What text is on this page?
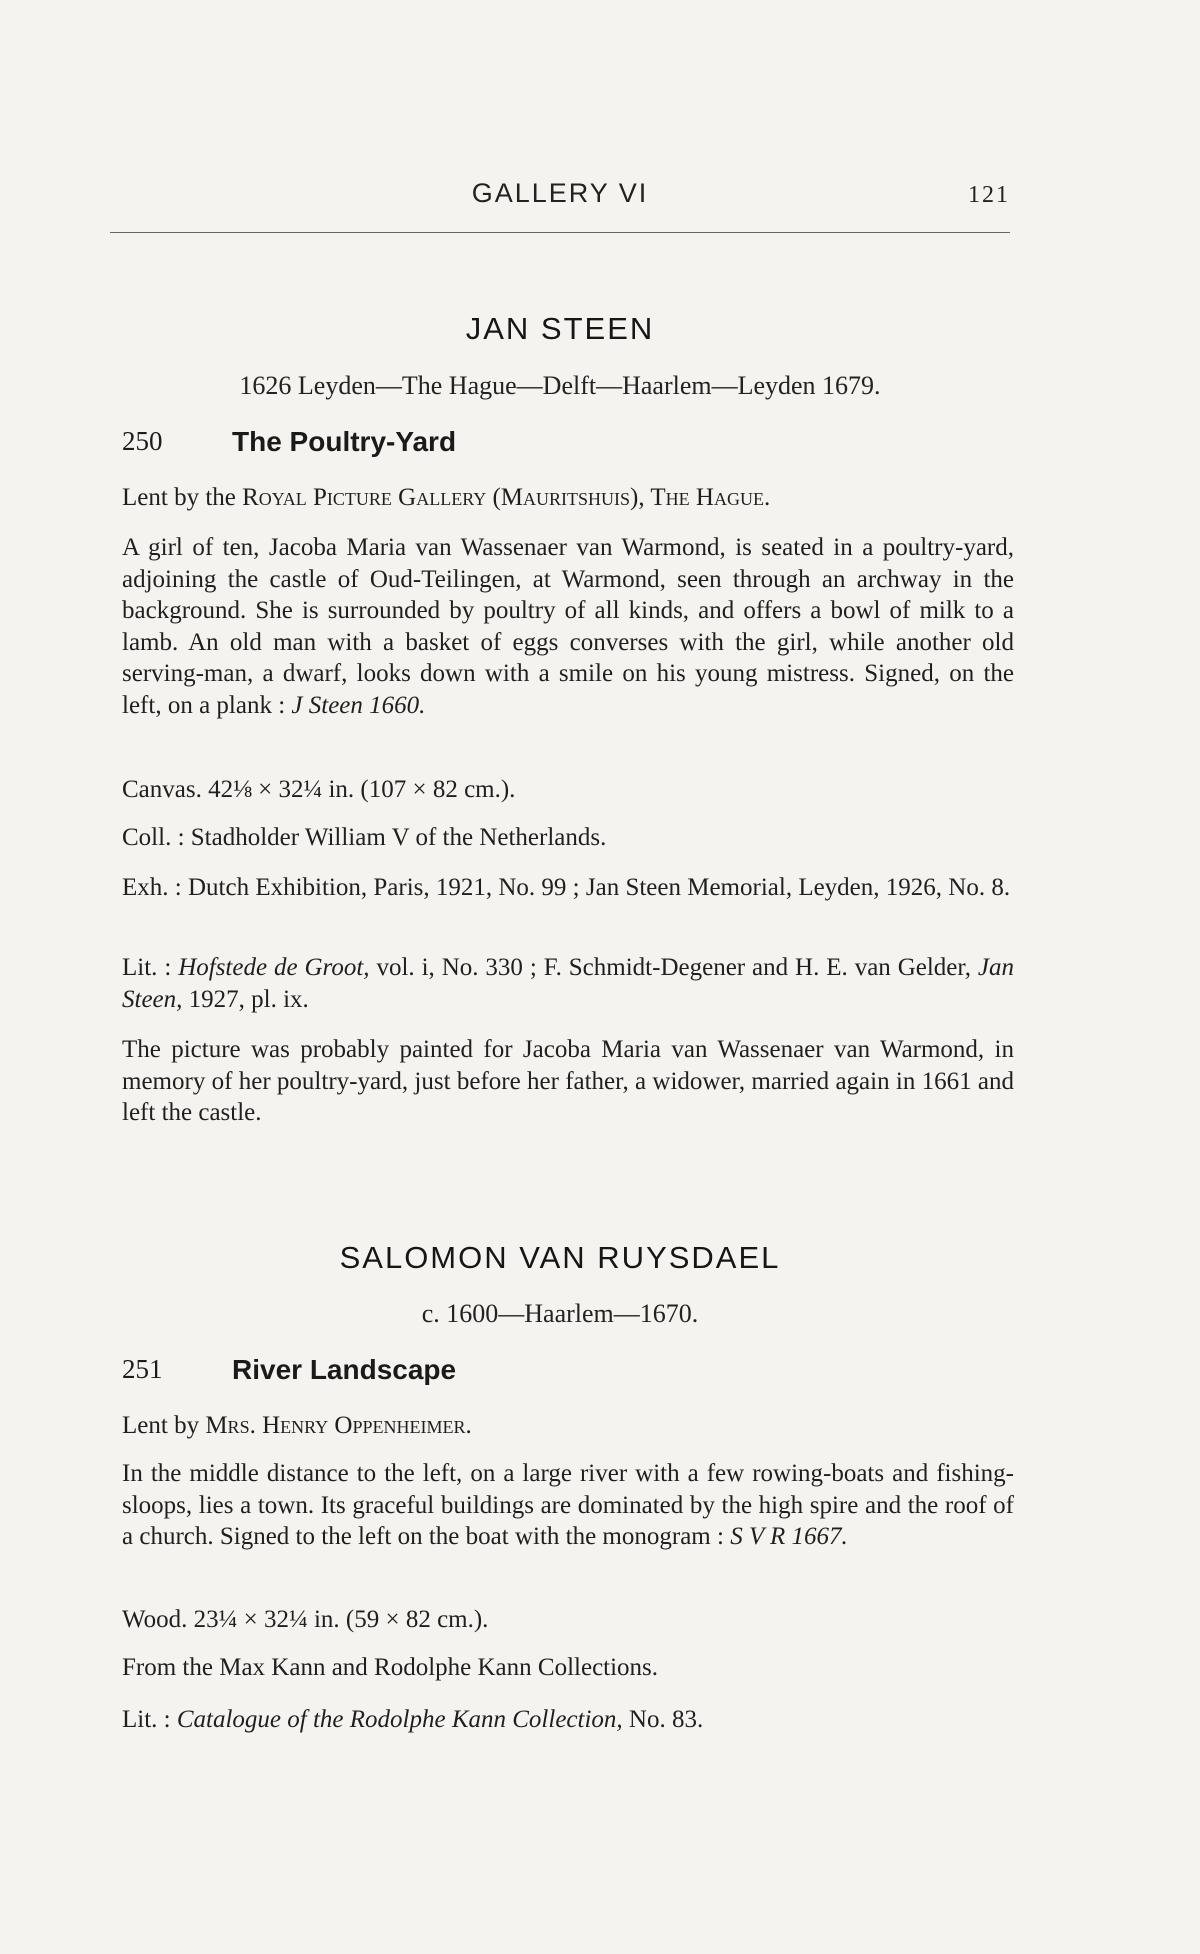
GALLERY VI	121
JAN STEEN
1626 Leyden—The Hague—Delft—Haarlem—Leyden 1679.
250 The Poultry-Yard
Lent by the Royal Picture Gallery (Mauritshuis), The Hague.
A girl of ten, Jacoba Maria van Wassenaer van Warmond, is seated in a poultry-yard, adjoining the castle of Oud-Teilingen, at Warmond, seen through an archway in the background. She is surrounded by poultry of all kinds, and offers a bowl of milk to a lamb. An old man with a basket of eggs converses with the girl, while another old serving-man, a dwarf, looks down with a smile on his young mistress. Signed, on the left, on a plank : J Steen 1660.
Canvas. 42⅛ × 32¼ in. (107 × 82 cm.).
Coll. : Stadholder William V of the Netherlands.
Exh. : Dutch Exhibition, Paris, 1921, No. 99 ; Jan Steen Memorial, Leyden, 1926, No. 8.
Lit. : Hofstede de Groot, vol. i, No. 330 ; F. Schmidt-Degener and H. E. van Gelder, Jan Steen, 1927, pl. ix.
The picture was probably painted for Jacoba Maria van Wassenaer van Warmond, in memory of her poultry-yard, just before her father, a widower, married again in 1661 and left the castle.
SALOMON VAN RUYSDAEL
c. 1600—Haarlem—1670.
251 River Landscape
Lent by Mrs. Henry Oppenheimer.
In the middle distance to the left, on a large river with a few rowing-boats and fishing-sloops, lies a town. Its graceful buildings are dominated by the high spire and the roof of a church. Signed to the left on the boat with the monogram : S V R 1667.
Wood. 23¼ × 32¼ in. (59 × 82 cm.).
From the Max Kann and Rodolphe Kann Collections.
Lit. : Catalogue of the Rodolphe Kann Collection, No. 83.
